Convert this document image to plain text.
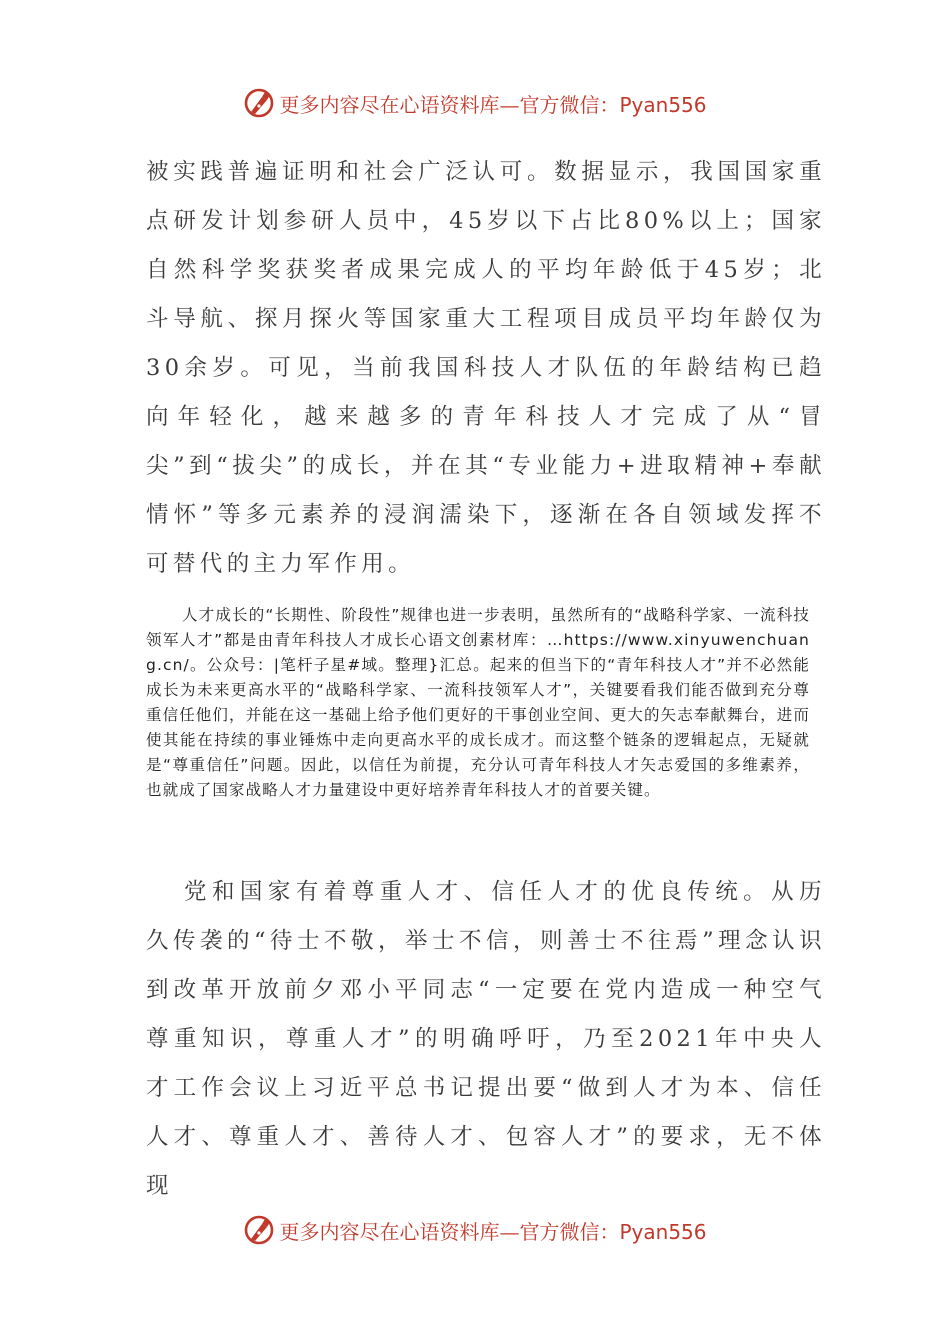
更多内容尽在心语资料库—官方微信：Pyan556

被实践普遍证明和社会广泛认可。数据显示，我国国家重点研发计划参研人员中，45岁以下占比80%以上；国家自然科学奖获奖者成果完成人的平均年龄低于45岁；北斗导航、探月探火等国家重大工程项目成员平均年龄仅为30余岁。可见，当前我国科技人才队伍的年龄结构已趋向年轻化，越来越多的青年科技人才完成了从“冒尖”到“拔尖”的成长，并在其“专业能力+进取精神+奉献情怀”等多元素养的浸润濡染下，逐渐在各自领域发挥不可替代的主力军作用。

人才成长的“长期性、阶段性”规律也进一步表明，虽然所有的“战略科学家、一流科技领军人才”都是由青年科技人才成长心语文创素材库：…https://www.xinyuwenchuang.cn/。公众号：|笔杆子星#域。整理}汇总。起来的但当下的“青年科技人才”并不必然能成长为未来更高水平的“战略科学家、一流科技领军人才”，关键要看我们能否做到充分尊重信任他们，并能在这一基础上给予他们更好的干事创业空间、更大的矢志奉献舞台，进而使其能在持续的事业锤炼中走向更高水平的成长成才。而这整个链条的逻辑起点，无疑就是“尊重信任”问题。因此，以信任为前提，充分认可青年科技人才矢志爱国的多维素养，也就成了国家战略人才力量建设中更好培养青年科技人才的首要关键。

党和国家有着尊重人才、信任人才的优良传统。从历久传袭的“待士不敬，举士不信，则善士不往焉”理念认识到改革开放前夕邓小平同志“一定要在党内造成一种空气尊重知识，尊重人才”的明确呼吁，乃至2021年中央人才工作会议上习近平总书记提出要“做到人才为本、信任人才、尊重人才、善待人才、包容人才”的要求，无不体现

更多内容尽在心语资料库—官方微信：Pyan556
